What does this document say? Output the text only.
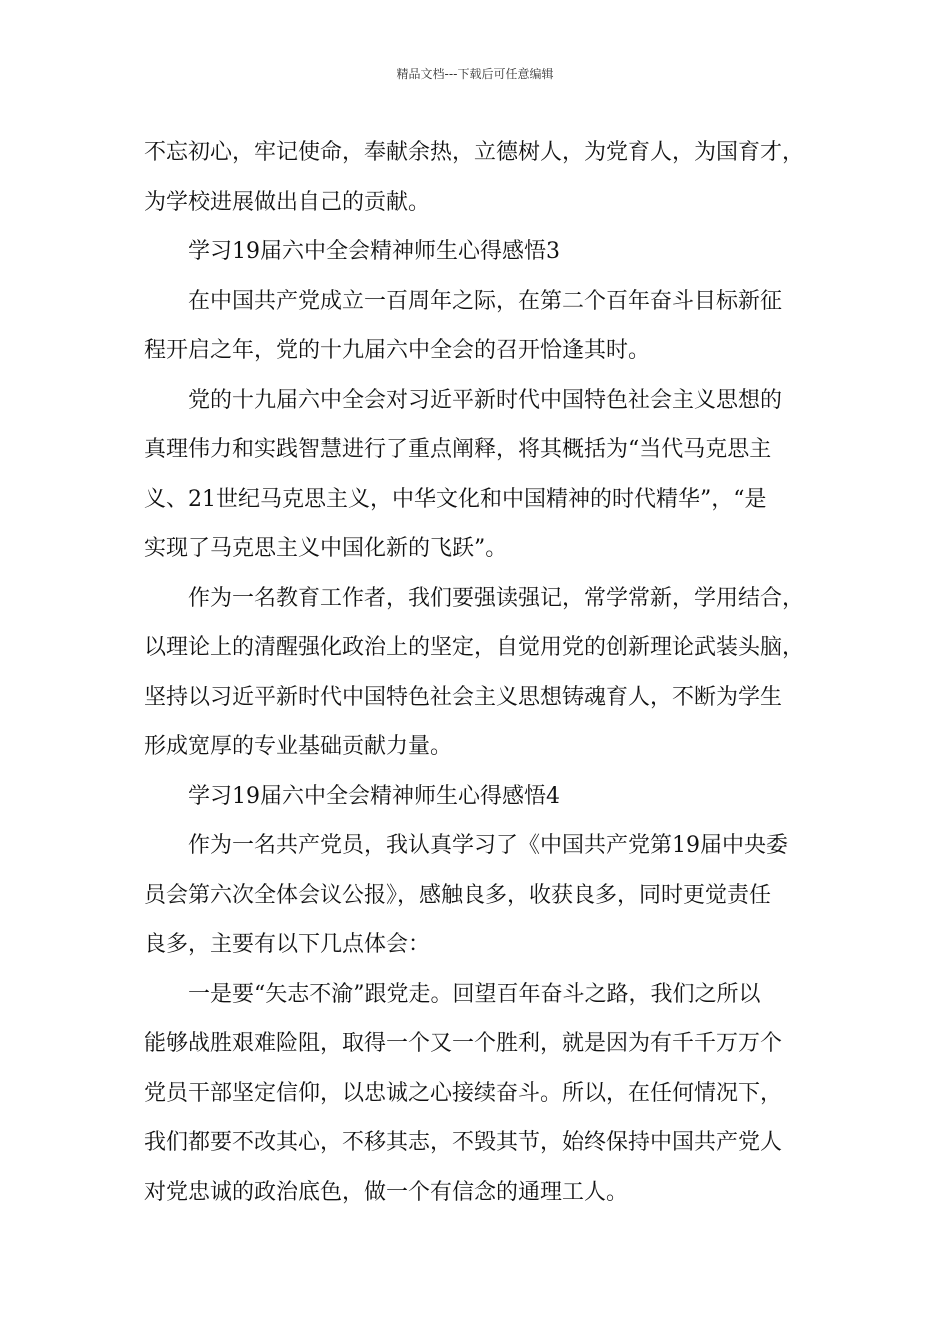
精品文档---下载后可任意编辑
不忘初心，牢记使命，奉献余热，立德树人，为党育人，为国育才，
为学校进展做出自己的贡献。
学习19届六中全会精神师生心得感悟3
在中国共产党成立一百周年之际，在第二个百年奋斗目标新征
程开启之年，党的十九届六中全会的召开恰逢其时。
党的十九届六中全会对习近平新时代中国特色社会主义思想的
真理伟力和实践智慧进行了重点阐释，将其概括为“当代马克思主
义、21世纪马克思主义，中华文化和中国精神的时代精华”，“是
实现了马克思主义中国化新的飞跃”。
作为一名教育工作者，我们要强读强记，常学常新，学用结合，
以理论上的清醒强化政治上的坚定，自觉用党的创新理论武装头脑，
坚持以习近平新时代中国特色社会主义思想铸魂育人，不断为学生
形成宽厚的专业基础贡献力量。
学习19届六中全会精神师生心得感悟4
作为一名共产党员，我认真学习了《中国共产党第19届中央委
员会第六次全体会议公报》，感触良多，收获良多，同时更觉责任
良多，主要有以下几点体会：
一是要“矢志不渝”跟党走。回望百年奋斗之路，我们之所以
能够战胜艰难险阻，取得一个又一个胜利，就是因为有千千万万个
党员干部坚定信仰，以忠诚之心接续奋斗。所以，在任何情况下，
我们都要不改其心，不移其志，不毁其节，始终保持中国共产党人
对党忠诚的政治底色，做一个有信念的通理工人。
